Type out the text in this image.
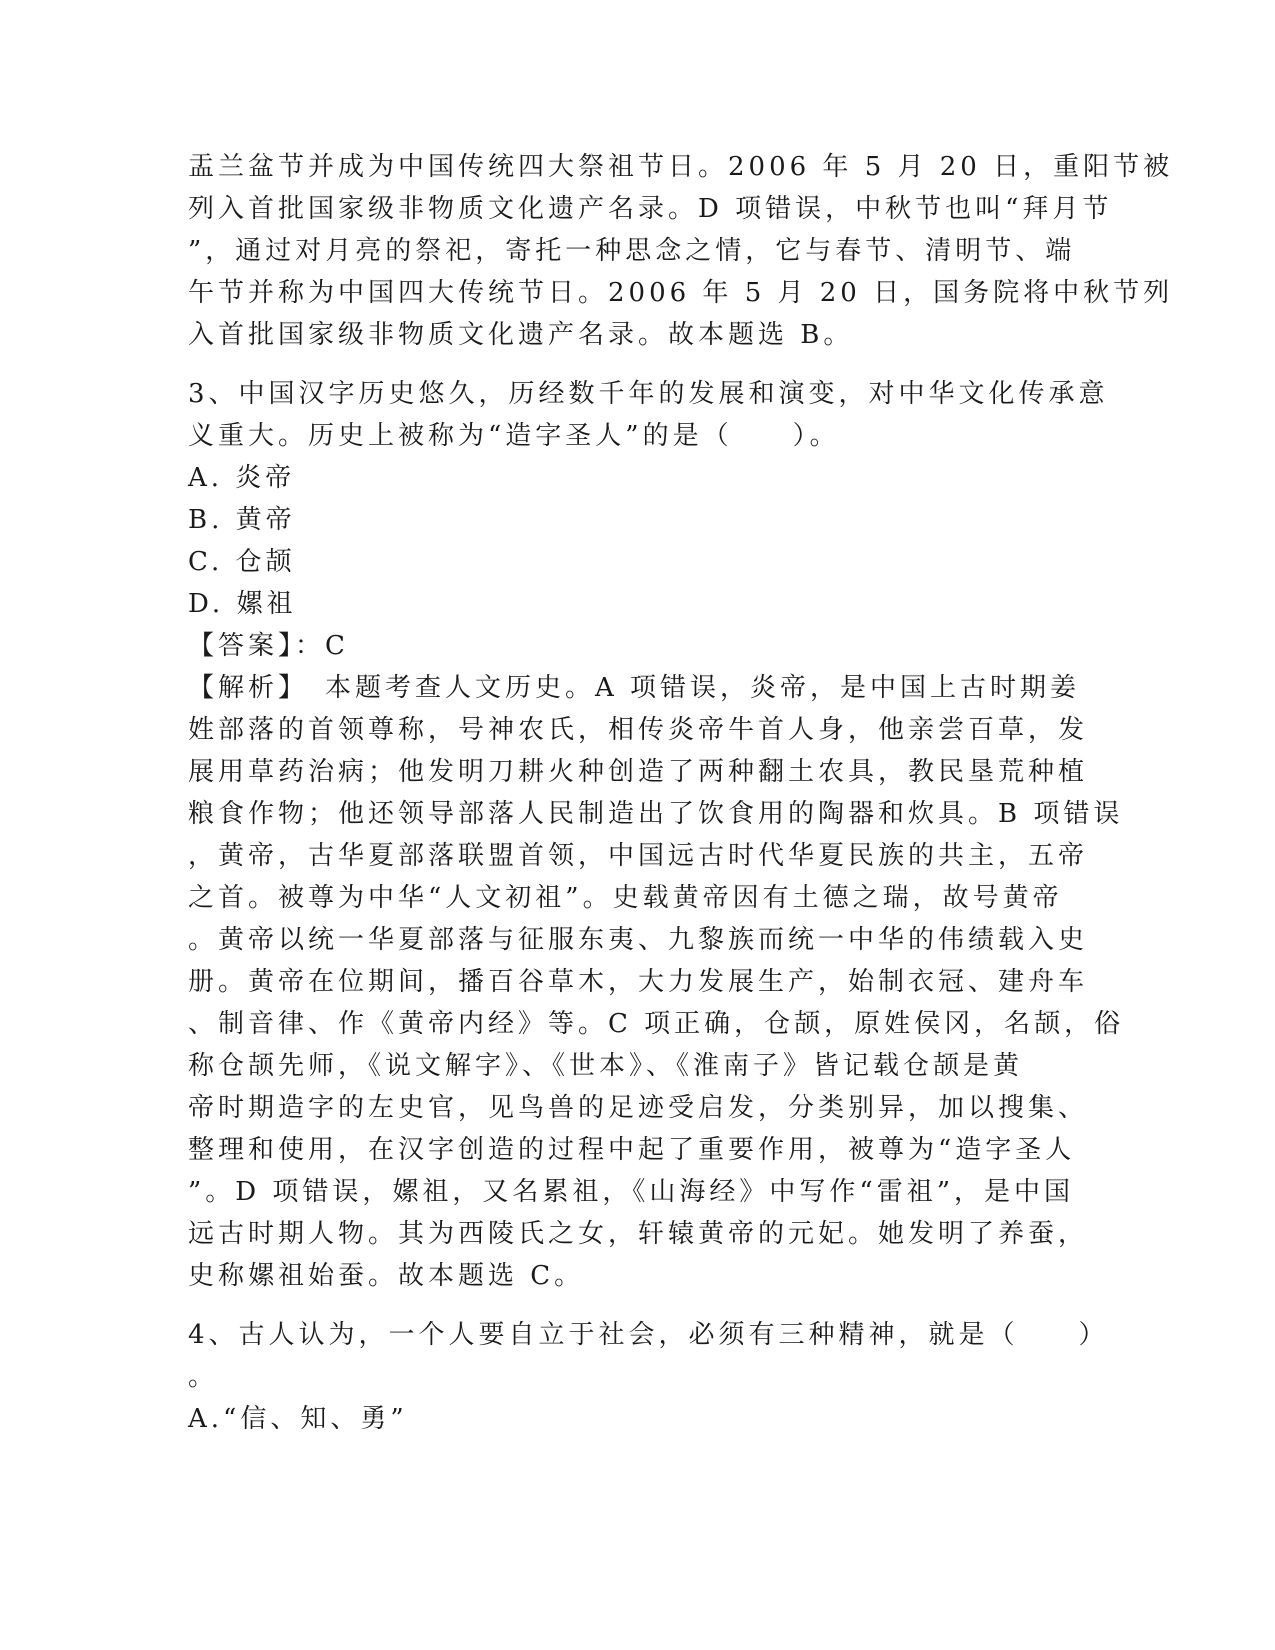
盂兰盆节并成为中国传统四大祭祖节日。2006 年 5 月 20 日，重阳节被
列入首批国家级非物质文化遗产名录。D 项错误，中秋节也叫“拜月节
”，通过对月亮的祭祀，寄托一种思念之情，它与春节、清明节、端
午节并称为中国四大传统节日。2006 年 5 月 20 日，国务院将中秋节列
入首批国家级非物质文化遗产名录。故本题选 B。
3、中国汉字历史悠久，历经数千年的发展和演变，对中华文化传承意
义重大。历史上被称为“造字圣人”的是（　　）。
A. 炎帝
B. 黄帝
C. 仓颉
D. 嫘祖
【答案】：C
【解析】　本题考查人文历史。A 项错误，炎帝，是中国上古时期姜
姓部落的首领尊称，号神农氏，相传炎帝牛首人身，他亲尝百草，发
展用草药治病；他发明刀耕火种创造了两种翻土农具，教民垦荒种植
粮食作物；他还领导部落人民制造出了饮食用的陶器和炊具。B 项错误
，黄帝，古华夏部落联盟首领，中国远古时代华夏民族的共主，五帝
之首。被尊为中华“人文初祖”。史载黄帝因有土德之瑞，故号黄帝
。黄帝以统一华夏部落与征服东夷、九黎族而统一中华的伟绩载入史
册。黄帝在位期间，播百谷草木，大力发展生产，始制衣冠、建舟车
、制音律、作《黄帝内经》等。C 项正确，仓颉，原姓侯冈，名颉，俗
称仓颉先师，《说文解字》、《世本》、《淮南子》皆记载仓颉是黄
帝时期造字的左史官，见鸟兽的足迹受启发，分类别异，加以搜集、
整理和使用，在汉字创造的过程中起了重要作用，被尊为“造字圣人
”。D 项错误，嫘祖，又名累祖，《山海经》中写作“雷祖”，是中国
远古时期人物。其为西陵氏之女，轩辕黄帝的元妃。她发明了养蚕，
史称嫘祖始蚕。故本题选 C。
4、古人认为，一个人要自立于社会，必须有三种精神，就是（　　）
。
A.“信、知、勇”
